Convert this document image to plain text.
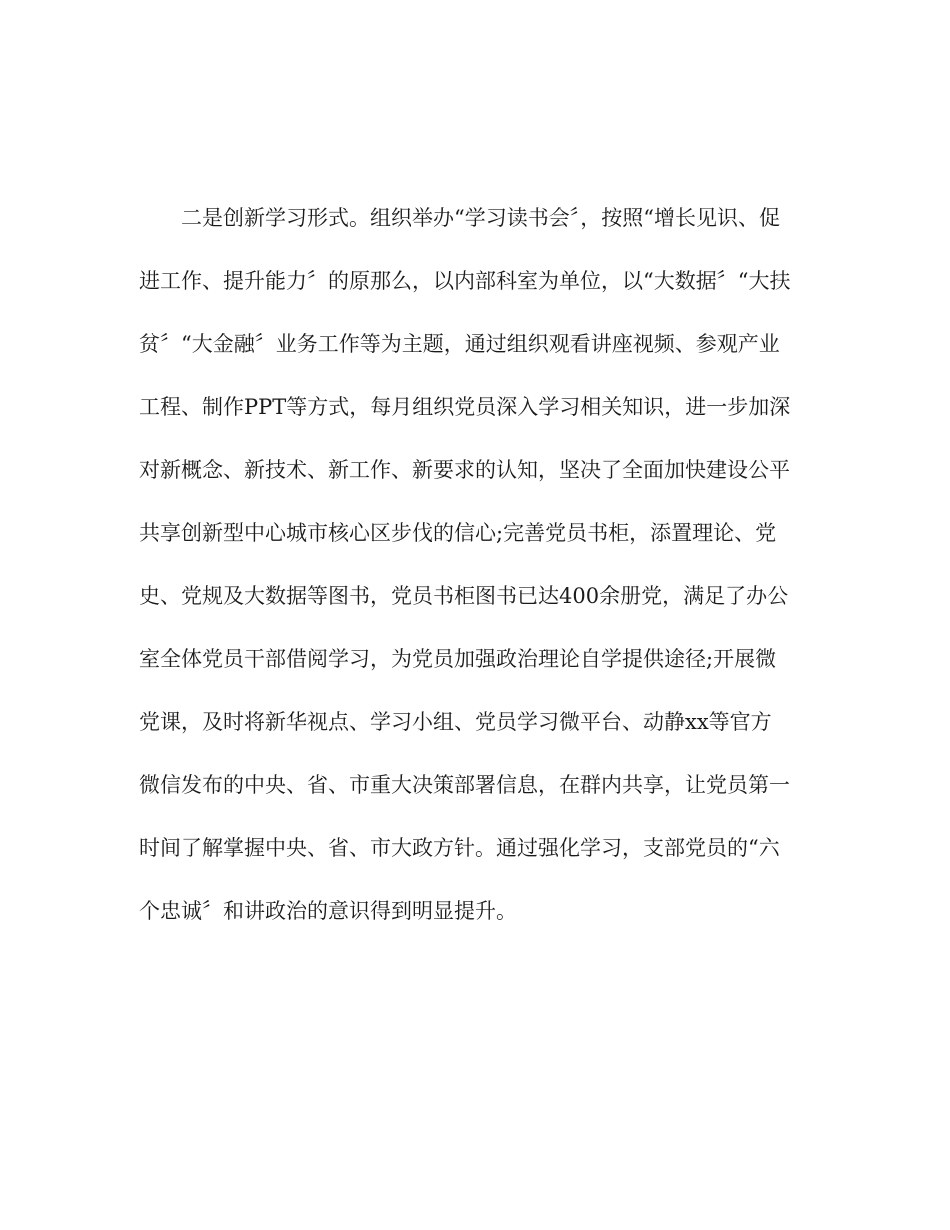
二是创新学习形式。组织举办“学习读书会〞，按照“增长见识、促
进工作、提升能力〞的原那么，以内部科室为单位，以“大数据〞“大扶
贫〞“大金融〞业务工作等为主题，通过组织观看讲座视频、参观产业
工程、制作PPT等方式，每月组织党员深入学习相关知识，进一步加深
对新概念、新技术、新工作、新要求的认知，坚决了全面加快建设公平
共享创新型中心城市核心区步伐的信心;完善党员书柜，添置理论、党
史、党规及大数据等图书，党员书柜图书已达400余册党，满足了办公
室全体党员干部借阅学习，为党员加强政治理论自学提供途径;开展微
党课，及时将新华视点、学习小组、党员学习微平台、动静xx等官方
微信发布的中央、省、市重大决策部署信息，在群内共享，让党员第一
时间了解掌握中央、省、市大政方针。通过强化学习，支部党员的“六
个忠诚〞和讲政治的意识得到明显提升。
